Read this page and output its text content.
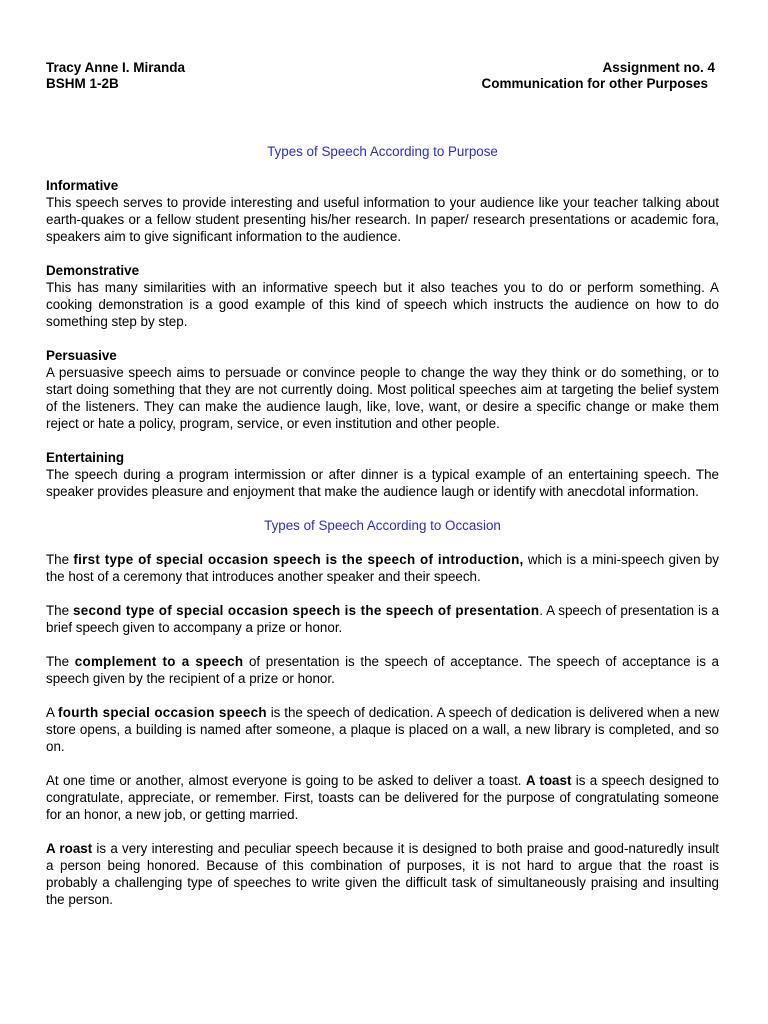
Tracy Anne I. Miranda
BSHM 1-2B
Assignment no. 4
Communication for other Purposes
Types of Speech According to Purpose
Informative

This speech serves to provide interesting and useful information to your audience like your teacher talking about earth-quakes or a fellow student presenting his/her research. In paper/ research presentations or academic fora, speakers aim to give significant information to the audience.

Demonstrative

This has many similarities with an informative speech but it also teaches you to do or perform something. A cooking demonstration is a good example of this kind of speech which instructs the audience on how to do something step by step.

Persuasive

A persuasive speech aims to persuade or convince people to change the way they think or do something, or to start doing something that they are not currently doing. Most political speeches aim at targeting the belief system of the listeners. They can make the audience laugh, like, love, want, or desire a specific change or make them reject or hate a policy, program, service, or even institution and other people.

Entertaining

The speech during a program intermission or after dinner is a typical example of an entertaining speech. The speaker provides pleasure and enjoyment that make the audience laugh or identify with anecdotal information.

Types of Speech According to Occasion

The first type of special occasion speech is the speech of introduction, which is a mini-speech given by the host of a ceremony that introduces another speaker and their speech.

The second type of special occasion speech is the speech of presentation. A speech of presentation is a brief speech given to accompany a prize or honor.

The complement to a speech of presentation is the speech of acceptance. The speech of acceptance is a speech given by the recipient of a prize or honor.

A fourth special occasion speech is the speech of dedication. A speech of dedication is delivered when a new store opens, a building is named after someone, a plaque is placed on a wall, a new library is completed, and so on.

At one time or another, almost everyone is going to be asked to deliver a toast. A toast is a speech designed to congratulate, appreciate, or remember. First, toasts can be delivered for the purpose of congratulating someone for an honor, a new job, or getting married.

A roast is a very interesting and peculiar speech because it is designed to both praise and good-naturedly insult a person being honored. Because of this combination of purposes, it is not hard to argue that the roast is probably a challenging type of speeches to write given the difficult task of simultaneously praising and insulting the person.
